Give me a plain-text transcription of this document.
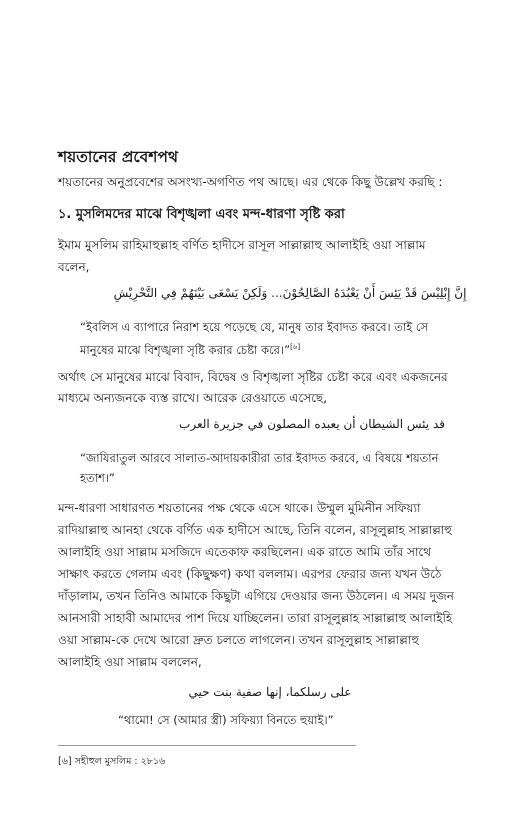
শয়তানের প্রবেশপথ
শয়তানের অনুপ্রবেশের অসংখ্য-অগণিত পথ আছে। এর থেকে কিছু উল্লেখ করছি :
১. মুসলিমদের মাঝে বিশৃঙ্খলা এবং মন্দ-ধারণা সৃষ্টি করা
ইমাম মুসলিম রাহিমাহুল্লাহ বর্ণিত হাদীসে রাসূল সাল্লাল্লাহু আলাইহি ওয়া সাল্লাম
বলেন,
إِنَّ إِبْلِيْسَ قَدْ يَئِسَ أَنْ يَعْبُدَهُ الصَّالِحُوْنَ... وَلَكِنْ يَسْعَى بَيْنَهُمْ فِي التَّحْرِيْشِ
“ইবলিস এ ব্যাপারে নিরাশ হয়ে পড়েছে যে, মানুষ তার ইবাদত করবে। তাই সে
মানুষের মাঝে বিশৃঙ্খলা সৃষ্টি করার চেষ্টা করে।”[৬]
অর্থাৎ সে মানুষের মাঝে বিবাদ, বিদ্বেষ ও বিশৃঙ্খলা সৃষ্টির চেষ্টা করে এবং একজনের
মাধ্যমে অন্যজনকে ব্যস্ত রাখে। আরেক রেওয়াতে এসেছে,
قد يئس الشيطان أن يعبده المصلون في جزيرة العرب
“জাযিরাতুল আরবে সালাত-আদায়কারীরা তার ইবাদত করবে, এ বিষয়ে শয়তান
হতাশ।”
মন্দ-ধারণা সাধারণত শয়তানের পক্ষ থেকে এসে থাকে। উম্মুল মুমিনীন সফিয়্যা
রাদিয়াল্লাহু আনহা থেকে বর্ণিত এক হাদীসে আছে, তিনি বলেন, রাসূলুল্লাহ সাল্লাল্লাহু
আলাইহি ওয়া সাল্লাম মসজিদে এতেকাফ করছিলেন। এক রাতে আমি তাঁর সাথে
সাক্ষাৎ করতে গেলাম এবং (কিছুক্ষণ) কথা বললাম। এরপর ফেরার জন্য যখন উঠে
দাঁড়ালাম, তখন তিনিও আমাকে কিছুটা এগিয়ে দেওয়ার জন্য উঠলেন। এ সময় দুজন
আনসারী সাহাবী আমাদের পাশ দিয়ে যাচ্ছিলেন। তারা রাসূলুল্লাহ সাল্লাল্লাহু আলাইহি
ওয়া সাল্লাম-কে দেখে আরো দ্রুত চলতে লাগলেন। তখন রাসূলুল্লাহ সাল্লাল্লাহু
আলাইহি ওয়া সাল্লাম বললেন,
على رسلكما، إنها صفية بنت حيي
“থামো! সে (আমার স্ত্রী) সফিয়্যা বিনতে হুয়াই।”
[৬] সহীহুল মুসলিম : ২৮১৬
